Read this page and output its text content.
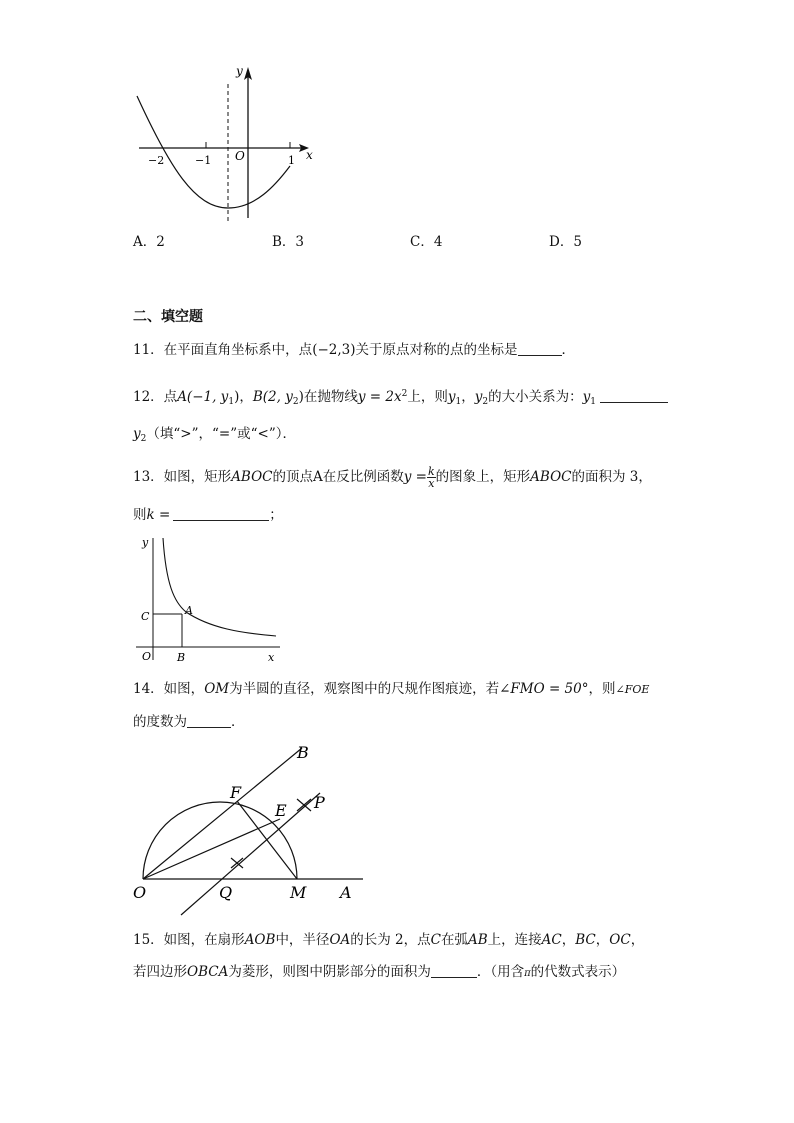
y
x
O
−2	−1	1
A．2	B．3	C．4	D．5
二、填空题
11．在平面直角坐标系中，点(−2,3)关于原点对称的点的坐标是	．
12．点A(−1, $y_1$)，B(2, $y_2$)在抛物线$y = 2x^2$上，则$y_1$，$y_2$的大小关系为：$y_1$
$y_2$（填“>”，“=”或“<”）．
13．如图，矩形ABOC的顶点A在反比例函数$y = \frac{k}{x}$ 的图象上，矩形ABOC的面积为 3，
则k =	；
y
x
O
C	A
B
14．如图，OM为半圆的直径，观察图中的尺规作图痕迹，若∠FMO = 50°，则∠FOE
的度数为	．
B
F
E P
O	Q	M A
15．如图，在扇形AOB中，半径OA的长为 2，点C在弧AB上，连接AC，BC，OC，
若四边形OBCA为菱形，则图中阴影部分的面积为	．（用含π的代数式表示）
